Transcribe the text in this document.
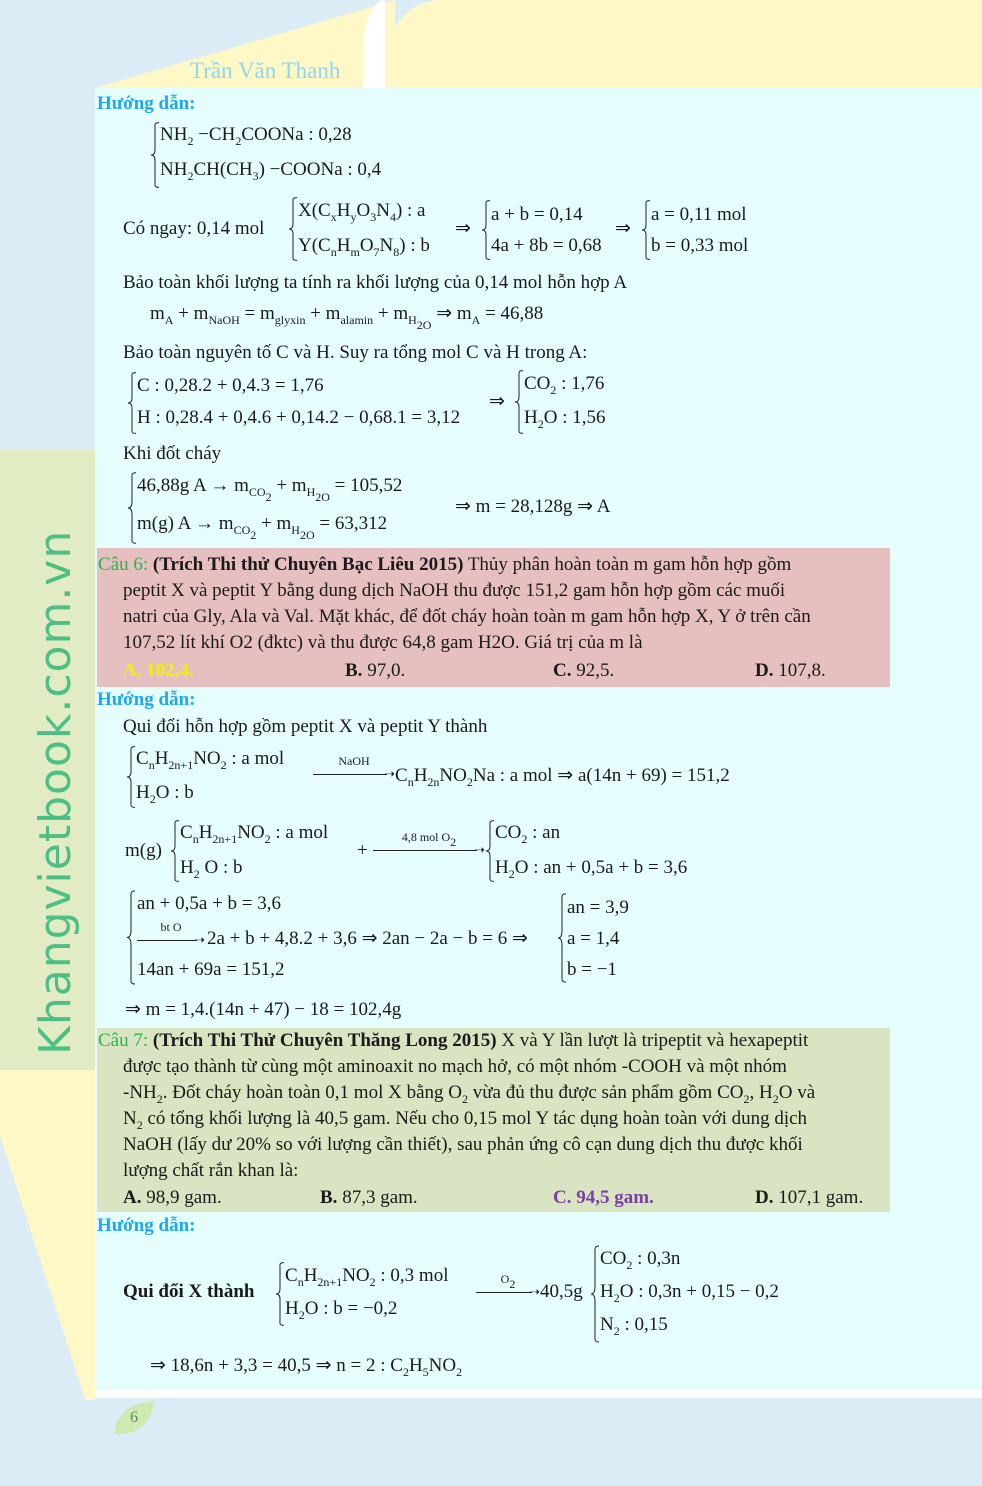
Trần Văn Thanh
Khangvietbook.com.vn
6
Hướng dẫn:
$NH_2$ $-CH_2COONa$ : 0,28
$NH_2CH(CH_3)$ −COONa : 0,4
Có ngay: 0,14 mol
$X(C_xH_yO_3N_4)$ : a
$Y(C_nH_mO_7N_8)$ : b
⇒
a + b = 0,14
4a + 8b = 0,68
⇒
a = 0,11 mol
b = 0,33 mol
Bảo toàn khối lượng ta tính ra khối lượng của 0,14 mol hỗn hợp A
$m_A + m_{NaOH} = m_{glyxin} + m_{alamin} + m_{H_{2O}}$ ⇒ $m_A = 46,88$
Bảo toàn nguyên tố C và H. Suy ra tổng mol C và H trong A:
C : 0,28.2 + 0,4.3 = 1,76
H : 0,28.4 + 0,4.6 + 0,14.2 − 0,68.1 = 3,12
⇒
$CO_2$ : 1,76
$H_2O$ : 1,56
Khi đốt cháy
46,88g $A \to m_{CO_2} + m_{H_{2O}} = 105,52$
m(g) $A \to m_{CO_2} + m_{H_{2O}} = 63,312$
⇒ m = 28,128g ⇒ A
Câu 6: (Trích Thi thử Chuyên Bạc Liêu 2015) Thủy phân hoàn toàn m gam hỗn hợp gồm
peptit X và peptit Y bằng dung dịch NaOH thu được 151,2 gam hỗn hợp gồm các muối
natri của Gly, Ala và Val. Mặt khác, để đốt cháy hoàn toàn m gam hỗn hợp X, Y ở trên cần
107,52 lít khí O2 (đktc) và thu được 64,8 gam H2O. Giá trị của m là
A. 102,4.	B. 97,0.	C. 92,5.	D. 107,8.
Hướng dẫn:
Qui đổi hỗn hợp gồm peptit X và peptit Y thành
$C_nH_{2n+1}NO_2$ : a mol
$H_2O$ : b
NaOH
➝ $C_nH_{2n}NO_2Na$ : a mol ⇒ a(14n + 69) = 151,2
m(g)
$C_nH_{2n+1}NO_2$ : a mol
$H_2$ O : b
+
4,8 mol $O_2$	➝
$CO_2$ : an
$H_2O$ : an + 0,5a + b = 3,6
an + 0,5a + b = 3,6
bt O
➝ 2a + b + 4,8.2 + 3,6 ⇒ 2an − 2a − b = 6 ⇒
14an + 69a = 151,2
an = 3,9
a = 1,4
b = −1
⇒ m = 1,4.(14n + 47) − 18 = 102,4g
Câu 7: (Trích Thi Thử Chuyên Thăng Long 2015) X và Y lần lượt là tripeptit và hexapeptit
được tạo thành từ cùng một aminoaxit no mạch hở, có một nhóm -COOH và một nhóm
$-NH_2$. Đốt cháy hoàn toàn 0,1 mol X bằng $O_2$ vừa đủ thu được sản phẩm gồm $CO_2$, $H_2O$ và
$N_2$ có tổng khối lượng là 40,5 gam. Nếu cho 0,15 mol Y tác dụng hoàn toàn với dung dịch
NaOH (lấy dư 20% so với lượng cần thiết), sau phản ứng cô cạn dung dịch thu được khối
lượng chất rắn khan là:
A. 98,9 gam.	B. 87,3 gam.	C. 94,5 gam.	D. 107,1 gam.
Hướng dẫn:
Qui đổi X thành
$C_nH_{2n+1}NO_2$ : 0,3 mol
$H_2O$ : b = −0,2
$O_2$	➝ 40,5g
$CO_2$ : 0,3n
$H_2O$ : 0,3n + 0,15 − 0,2
$N_2$ : 0,15
⇒ 18,6n + 3,3 = 40,5 ⇒ n = 2 : $C_2H_5NO_2$
